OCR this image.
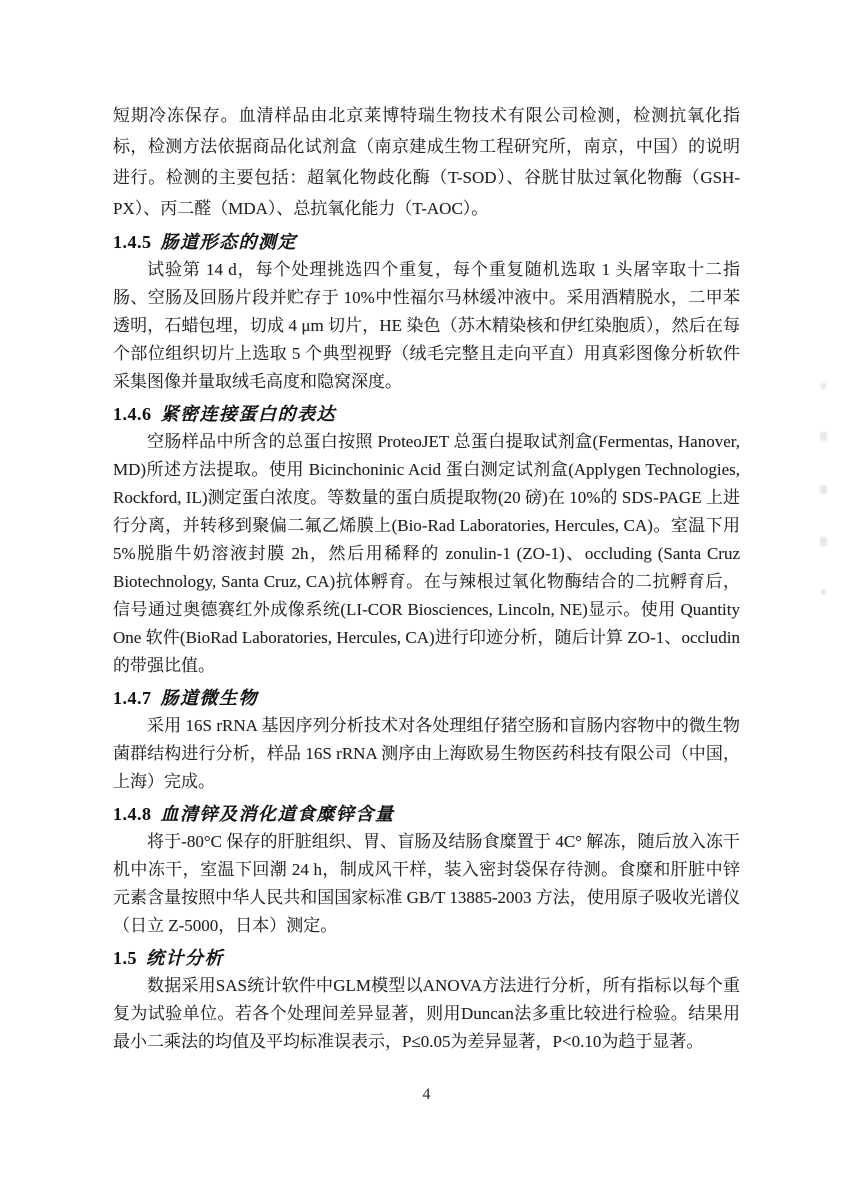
短期冷冻保存。血清样品由北京莱博特瑞生物技术有限公司检测，检测抗氧化指标，检测方法依据商品化试剂盒（南京建成生物工程研究所，南京，中国）的说明进行。检测的主要包括：超氧化物歧化酶（T-SOD）、谷胱甘肽过氧化物酶（GSH-PX）、丙二醛（MDA）、总抗氧化能力（T-AOC）。

1.4.5 肠道形态的测定

试验第 14 d，每个处理挑选四个重复，每个重复随机选取 1 头屠宰取十二指肠、空肠及回肠片段并贮存于 10%中性福尔马林缓冲液中。采用酒精脱水，二甲苯透明，石蜡包埋，切成 4 μm 切片，HE 染色（苏木精染核和伊红染胞质），然后在每个部位组织切片上选取 5 个典型视野（绒毛完整且走向平直）用真彩图像分析软件采集图像并量取绒毛高度和隐窝深度。

1.4.6 紧密连接蛋白的表达

空肠样品中所含的总蛋白按照 ProteoJET 总蛋白提取试剂盒(Fermentas, Hanover, MD)所述方法提取。使用 Bicinchoninic Acid 蛋白测定试剂盒(Applygen Technologies, Rockford, IL)测定蛋白浓度。等数量的蛋白质提取物(20 磅)在 10%的 SDS-PAGE 上进行分离，并转移到聚偏二氟乙烯膜上(Bio-Rad Laboratories, Hercules, CA)。室温下用 5%脱脂牛奶溶液封膜 2h，然后用稀释的 zonulin-1 (ZO-1)、occluding (Santa Cruz Biotechnology, Santa Cruz, CA)抗体孵育。在与辣根过氧化物酶结合的二抗孵育后，信号通过奥德赛红外成像系统(LI-COR Biosciences, Lincoln, NE)显示。使用 Quantity One 软件(BioRad Laboratories, Hercules, CA)进行印迹分析，随后计算 ZO-1、occludin 的带强比值。

1.4.7 肠道微生物

采用 16S rRNA 基因序列分析技术对各处理组仔猪空肠和盲肠内容物中的微生物菌群结构进行分析，样品 16S rRNA 测序由上海欧易生物医药科技有限公司（中国，上海）完成。

1.4.8 血清锌及消化道食糜锌含量

将于-80°C 保存的肝脏组织、胃、盲肠及结肠食糜置于 4C° 解冻，随后放入冻干机中冻干，室温下回潮 24 h，制成风干样，装入密封袋保存待测。食糜和肝脏中锌元素含量按照中华人民共和国国家标准 GB/T 13885-2003 方法，使用原子吸收光谱仪（日立 Z-5000，日本）测定。

1.5 统计分析

数据采用SAS统计软件中GLM模型以ANOVA方法进行分析，所有指标以每个重复为试验单位。若各个处理间差异显著，则用Duncan法多重比较进行检验。结果用最小二乘法的均值及平均标准误表示，P≤0.05为差异显著，P<0.10为趋于显著。

4
